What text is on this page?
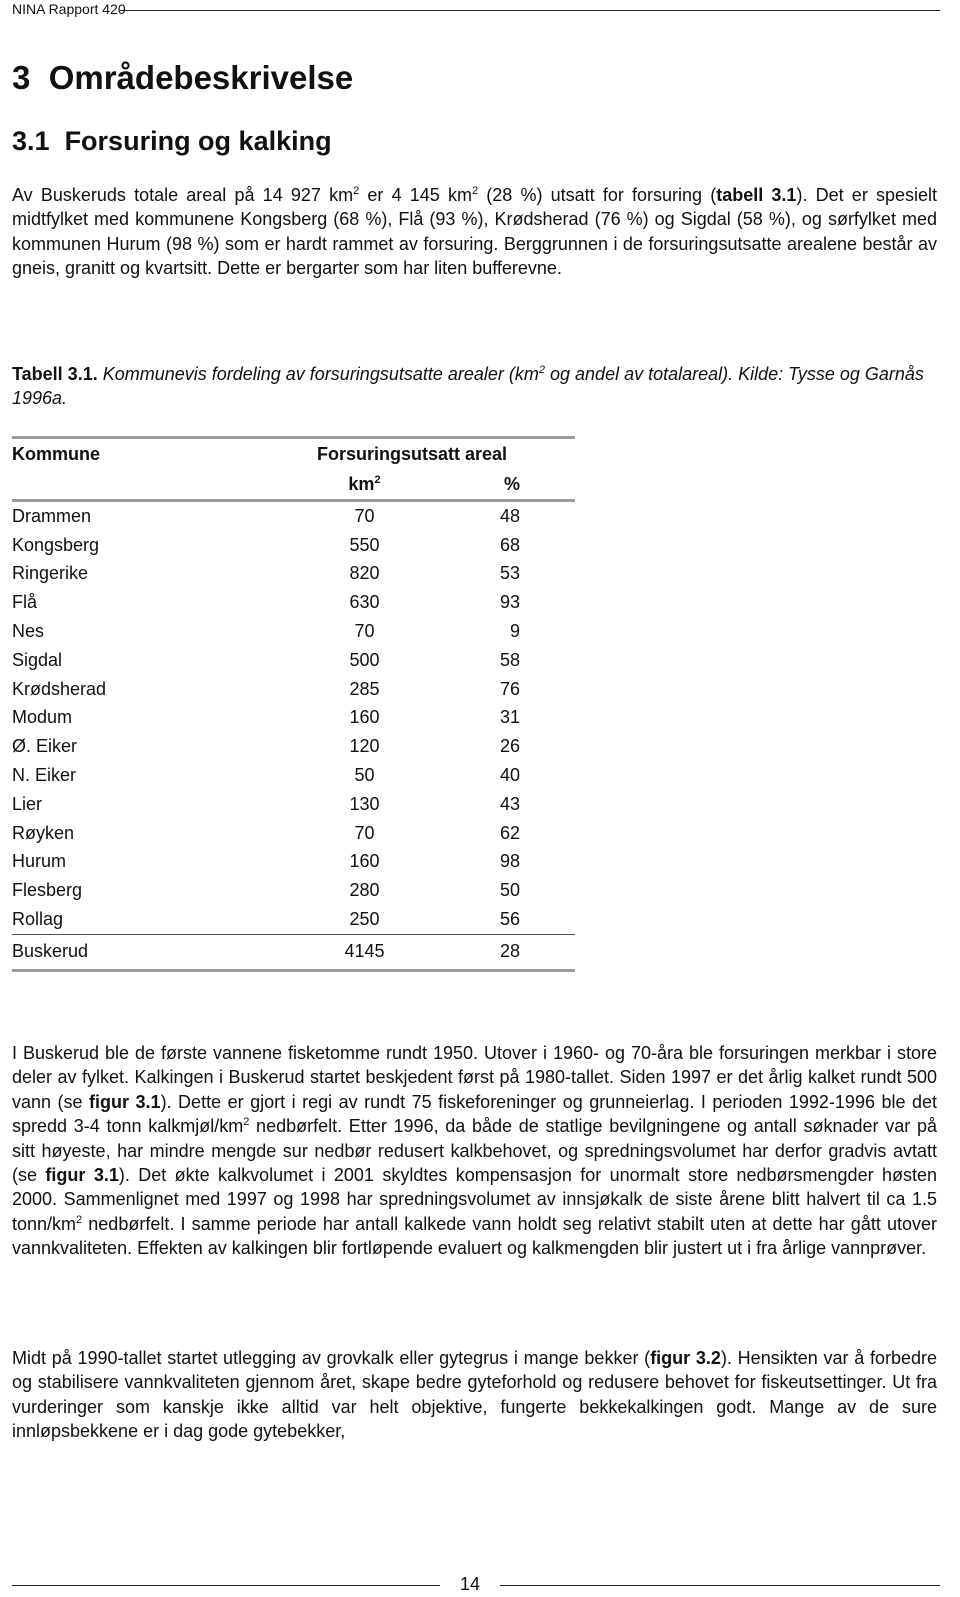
NINA Rapport 420
3 Områdebeskrivelse
3.1 Forsuring og kalking

Av Buskeruds totale areal på 14 927 $km^2$ er 4 145 $km^2$ (28 %) utsatt for forsuring (tabell 3.1). Det er spesielt midtfylket med kommunene Kongsberg (68 %), Flå (93 %), Krødsherad (76 %) og Sigdal (58 %), og sørfylket med kommunen Hurum (98 %) som er hardt rammet av forsuring. Berggrunnen i de forsuringsutsatte arealene består av gneis, granitt og kvartsitt. Dette er bergarter som har liten bufferevne.

Tabell 3.1. Kommunevis fordeling av forsuringsutsatte arealer ($km^2$ og andel av totalareal). Kilde: Tysse og Garnås 1996a.
Kommune	Forsuringsutsatt areal	
	$km^2$	%
Drammen	70	48
Kongsberg	550	68
Ringerike	820	53
Flå	630	93
Nes	70	9
Sigdal	500	58
Krødsherad	285	76
Modum	160	31
Ø. Eiker	120	26
N. Eiker	50	40
Lier	130	43
Røyken	70	62
Hurum	160	98
Flesberg	280	50
Rollag	250	56
Buskerud	4145	28

I Buskerud ble de første vannene fisketomme rundt 1950. Utover i 1960- og 70-åra ble forsuringen merkbar i store deler av fylket. Kalkingen i Buskerud startet beskjedent først på 1980-tallet. Siden 1997 er det årlig kalket rundt 500 vann (se figur 3.1). Dette er gjort i regi av rundt 75 fiskeforeninger og grunneierlag. I perioden 1992-1996 ble det spredd 3-4 tonn kalkmjøl/$km^2$ nedbørfelt. Etter 1996, da både de statlige bevilgningene og antall søknader var på sitt høyeste, har mindre mengde sur nedbør redusert kalkbehovet, og spredningsvolumet har derfor gradvis avtatt (se figur 3.1). Det økte kalkvolumet i 2001 skyldtes kompensasjon for unormalt store nedbørsmengder høsten 2000. Sammenlignet med 1997 og 1998 har spredningsvolumet av innsjøkalk de siste årene blitt halvert til ca 1.5 tonn/$km^2$ nedbørfelt. I samme periode har antall kalkede vann holdt seg relativt stabilt uten at dette har gått utover vannkvaliteten. Effekten av kalkingen blir fortløpende evaluert og kalkmengden blir justert ut i fra årlige vannprøver.

Midt på 1990-tallet startet utlegging av grovkalk eller gytegrus i mange bekker (figur 3.2). Hensikten var å forbedre og stabilisere vannkvaliteten gjennom året, skape bedre gyteforhold og redusere behovet for fiskeutsettinger. Ut fra vurderinger som kanskje ikke alltid var helt objektive, fungerte bekkekalkingen godt. Mange av de sure innløpsbekkene er i dag gode gytebekker,

14
